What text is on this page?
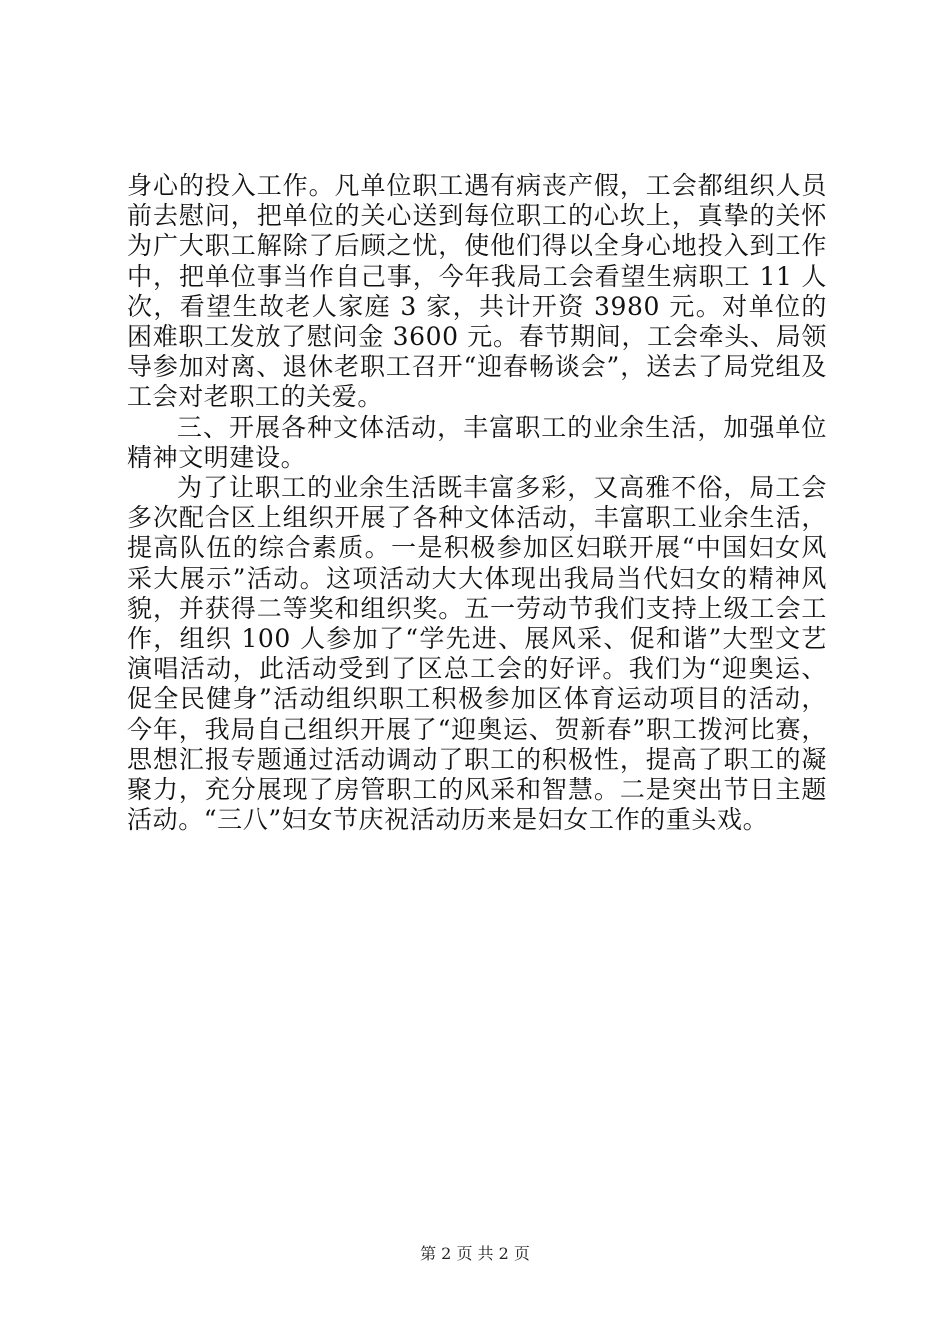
身心的投入工作。凡单位职工遇有病丧产假，工会都组织人员前去慰问，把单位的关心送到每位职工的心坎上，真挚的关怀为广大职工解除了后顾之忧，使他们得以全身心地投入到工作中，把单位事当作自己事，今年我局工会看望生病职工 11 人次，看望生故老人家庭 3 家，共计开资 3980 元。对单位的困难职工发放了慰问金 3600 元。春节期间，工会牵头、局领导参加对离、退休老职工召开“迎春畅谈会”，送去了局党组及工会对老职工的关爱。

三、开展各种文体活动，丰富职工的业余生活，加强单位精神文明建设。

为了让职工的业余生活既丰富多彩，又高雅不俗，局工会多次配合区上组织开展了各种文体活动，丰富职工业余生活，提高队伍的综合素质。一是积极参加区妇联开展“中国妇女风采大展示”活动。这项活动大大体现出我局当代妇女的精神风貌，并获得二等奖和组织奖。五一劳动节我们支持上级工会工作，组织 100 人参加了“学先进、展风采、促和谐”大型文艺演唱活动，此活动受到了区总工会的好评。我们为“迎奥运、促全民健身”活动组织职工积极参加区体育运动项目的活动，今年，我局自己组织开展了“迎奥运、贺新春”职工拨河比赛，思想汇报专题通过活动调动了职工的积极性，提高了职工的凝聚力，充分展现了房管职工的风采和智慧。二是突出节日主题活动。“三八”妇女节庆祝活动历来是妇女工作的重头戏。

第 2 页 共 2 页
